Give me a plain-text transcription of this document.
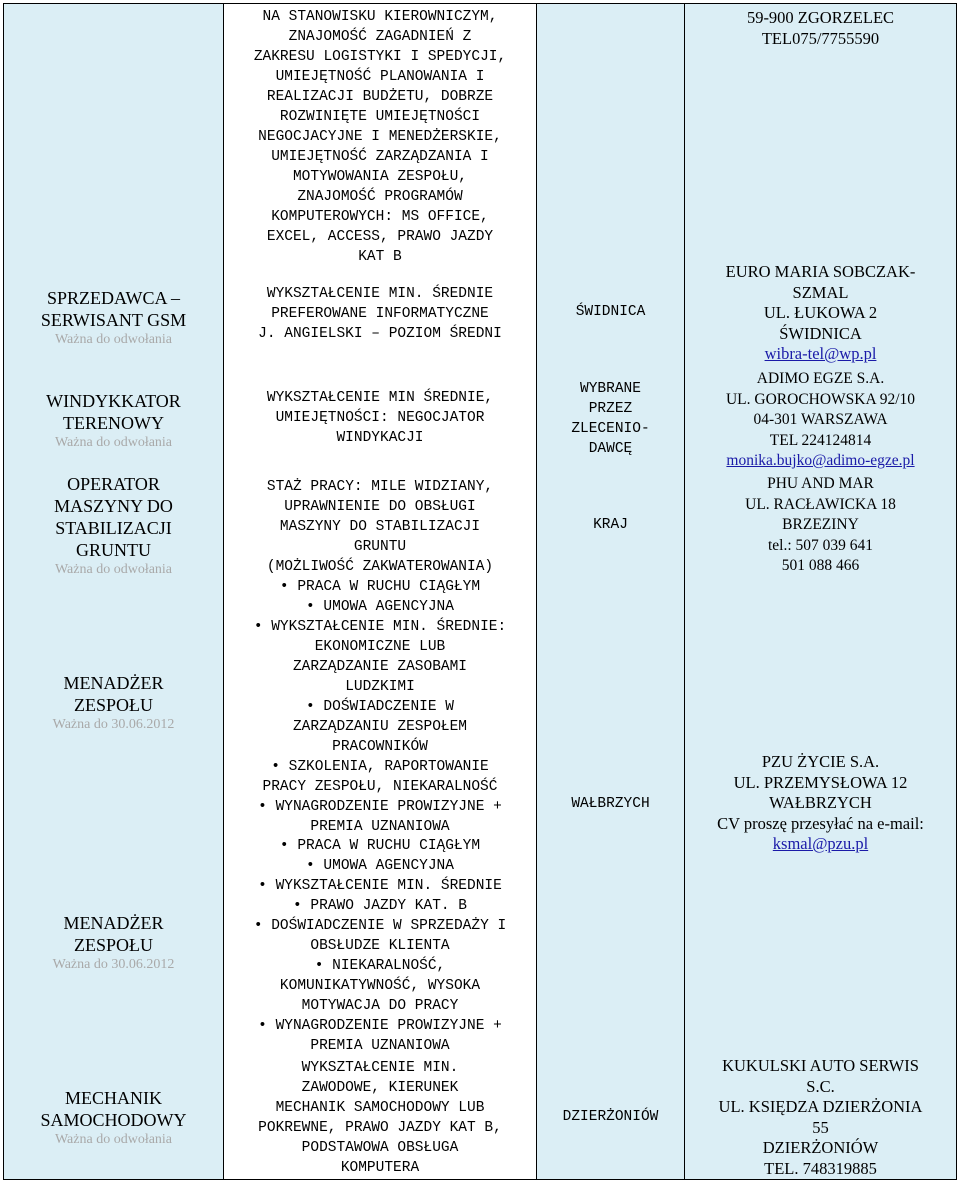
SPRZEDAWCA – SERWISANT GSM
Ważna do odwołania
WINDYKKATOR TERENOWY
Ważna do odwołania
OPERATOR MASZYNY DO STABILIZACJI GRUNTU
Ważna do odwołania
MENADŻER ZESPOŁU
Ważna do 30.06.2012
MENADŻER ZESPOŁU
Ważna do 30.06.2012
MECHANIK SAMOCHODOWY
Ważna do odwołania
NA STANOWISKU KIEROWNICZYM,
ZNAJOMOŚĆ ZAGADNIEŃ Z
ZAKRESU LOGISTYKI I SPEDYCJI,
UMIEJĘTNOŚĆ PLANOWANIA I
REALIZACJI BUDŻETU, DOBRZE
ROZWINIĘTE UMIEJĘTNOŚCI
NEGOCJACYJNE I MENEDŻERSKIE,
UMIEJĘTNOŚĆ ZARZĄDZANIA I
MOTYWOWANIA ZESPOŁU,
ZNAJOMOŚĆ PROGRAMÓW
KOMPUTEROWYCH: MS OFFICE,
EXCEL, ACCESS, PRAWO JAZDY
KAT B
WYKSZTAŁCENIE MIN. ŚREDNIE
PREFEROWANE INFORMATYCZNE
J. ANGIELSKI – POZIOM ŚREDNI
WYKSZTAŁCENIE MIN ŚREDNIE,
UMIEJĘTNOŚCI: NEGOCJATOR
WINDYKACJI
STAŻ PRACY: MILE WIDZIANY,
UPRAWNIENIE DO OBSŁUGI
MASZYNY DO STABILIZACJI
GRUNTU
(MOŻLIWOŚĆ ZAKWATEROWANIA)
• PRACA W RUCHU CIĄGŁYM
• UMOWA AGENCYJNA
• WYKSZTAŁCENIE MIN. ŚREDNIE:
EKONOMICZNE LUB
ZARZĄDZANIE ZASOBAMI
LUDZKIMI
• DOŚWIADCZENIE W
ZARZĄDZANIU ZESPOŁEM
PRACOWNIKÓW
• SZKOLENIA, RAPORTOWANIE
PRACY ZESPOŁU, NIEKARALNOŚĆ
• WYNAGRODZENIE PROWIZYJNE +
PREMIA UZNANIOWA
• PRACA W RUCHU CIĄGŁYM
• UMOWA AGENCYJNA
• WYKSZTAŁCENIE MIN. ŚREDNIE
• PRAWO JAZDY KAT. B
• DOŚWIADCZENIE W SPRZEDAŻY I
OBSŁUDZE KLIENTA
• NIEKARALNOŚĆ,
KOMUNIKATYWNOŚĆ, WYSOKA
MOTYWACJA DO PRACY
• WYNAGRODZENIE PROWIZYJNE +
PREMIA UZNANIOWA
WYKSZTAŁCENIE MIN.
ZAWODOWE, KIERUNEK
MECHANIK SAMOCHODOWY LUB
POKREWNE, PRAWO JAZDY KAT B,
PODSTAWOWA OBSŁUGA
KOMPUTERA
ŚWIDNICA
WYBRANE
PRZEZ
ZLECENIO-
DAWCĘ
KRAJ
WAŁBRZYCH
DZIERŻONIÓW
59-900 ZGORZELEC
TEL075/7755590
EURO MARIA SOBCZAK-
SZMAL
UL. ŁUKOWA 2
ŚWIDNICA
wibra-tel@wp.pl
ADIMO EGZE S.A.
UL. GOROCHOWSKA 92/10
04-301 WARSZAWA
TEL 224124814
monika.bujko@adimo-egze.pl
PHU AND MAR
UL. RACŁAWICKA 18
BRZEZINY
tel.: 507 039 641
501 088 466
PZU ŻYCIE S.A.
UL. PRZEMYSŁOWA 12
WAŁBRZYCH
CV proszę przesyłać na e-mail:
ksmal@pzu.pl
KUKULSKI AUTO SERWIS
S.C.
UL. KSIĘDZA DZIERŻONIA
55
DZIERŻONIÓW
TEL. 748319885
